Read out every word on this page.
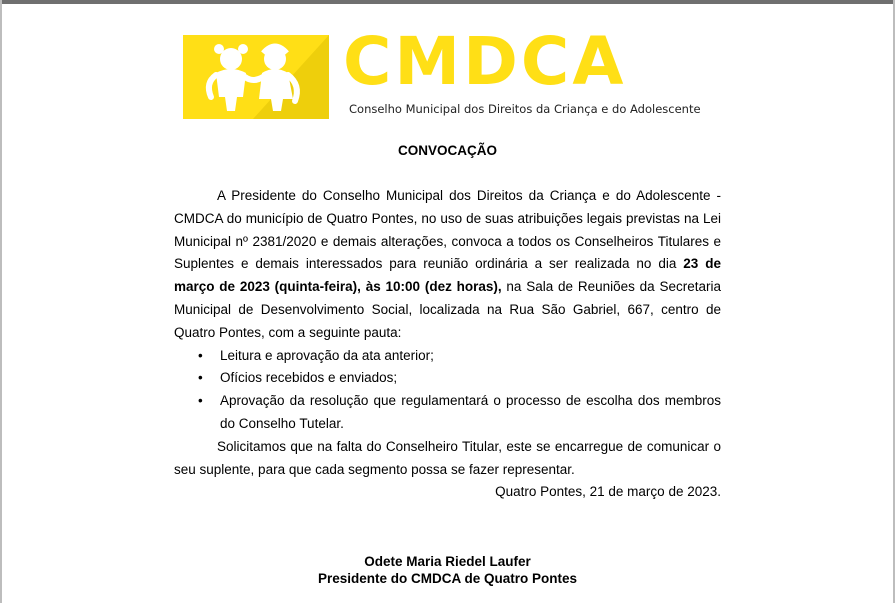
CMDCA
Conselho Municipal dos Direitos da Criança e do Adolescente
CONVOCAÇÃO

A Presidente do Conselho Municipal dos Direitos da Criança e do Adolescente - CMDCA do município de Quatro Pontes, no uso de suas atribuições legais previstas na Lei Municipal nº 2381/2020 e demais alterações, convoca a todos os Conselheiros Titulares e Suplentes e demais interessados para reunião ordinária a ser realizada no dia 23 de março de 2023 (quinta-feira), às 10:00 (dez horas), na Sala de Reuniões da Secretaria Municipal de Desenvolvimento Social, localizada na Rua São Gabriel, 667, centro de Quatro Pontes, com a seguinte pauta:

• Leitura e aprovação da ata anterior;
• Ofícios recebidos e enviados;
• Aprovação da resolução que regulamentará o processo de escolha dos membros do Conselho Tutelar.

Solicitamos que na falta do Conselheiro Titular, este se encarregue de comunicar o seu suplente, para que cada segmento possa se fazer representar.

Quatro Pontes, 21 de março de 2023.

Odete Maria Riedel Laufer
Presidente do CMDCA de Quatro Pontes
